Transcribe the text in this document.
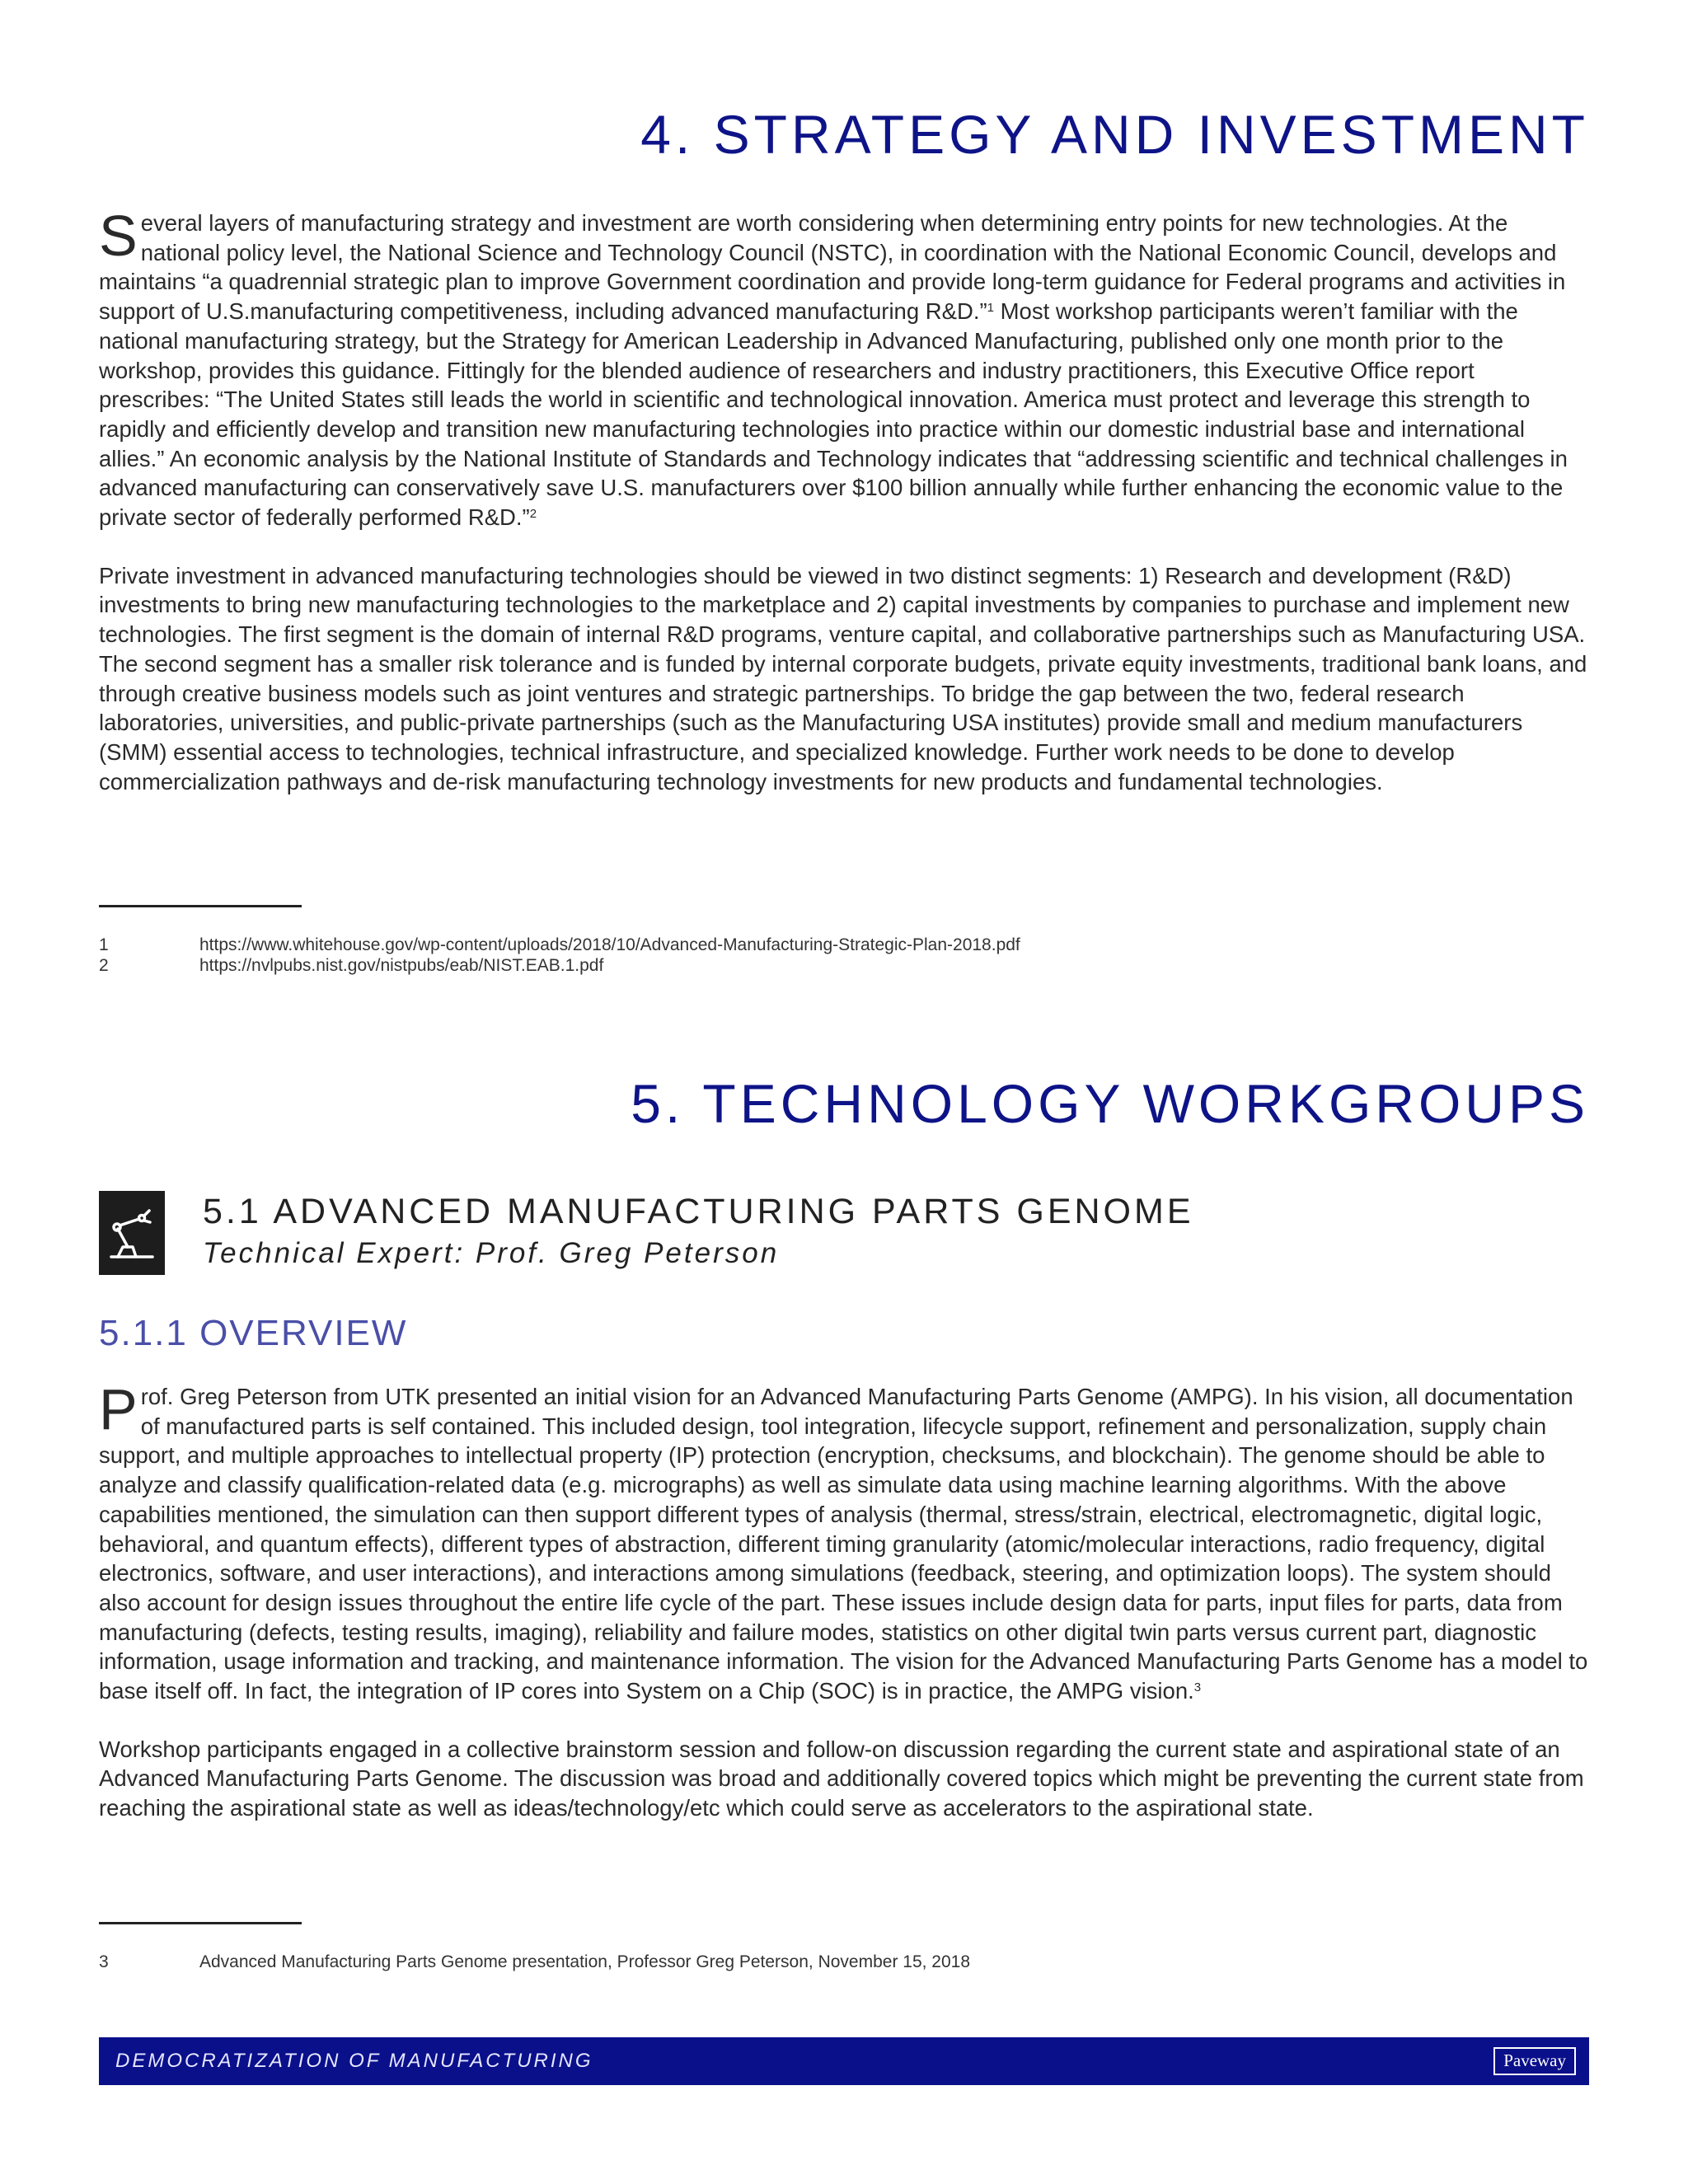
4. STRATEGY AND INVESTMENT

Several layers of manufacturing strategy and investment are worth considering when determining entry points for new technologies. At the national policy level, the National Science and Technology Council (NSTC), in coordination with the National Economic Council, develops and maintains “a quadrennial strategic plan to improve Government coordination and provide long-term guidance for Federal programs and activities in support of U.S.manufacturing competitiveness, including advanced manufacturing R&D.”$^1$ Most workshop participants weren’t familiar with the national manufacturing strategy, but the Strategy for American Leadership in Advanced Manufacturing, published only one month prior to the workshop, provides this guidance. Fittingly for the blended audience of researchers and industry practitioners, this Executive Office report prescribes: “The United States still leads the world in scientific and technological innovation. America must protect and leverage this strength to rapidly and efficiently develop and transition new manufacturing technologies into practice within our domestic industrial base and international allies.” An economic analysis by the National Institute of Standards and Technology indicates that “addressing scientific and technical challenges in advanced manufacturing can conservatively save U.S. manufacturers over $100 billion annually while further enhancing the economic value to the private sector of federally performed R&D.”$^2$

Private investment in advanced manufacturing technologies should be viewed in two distinct segments: 1) Research and development (R&D) investments to bring new manufacturing technologies to the marketplace and 2) capital investments by companies to purchase and implement new technologies. The first segment is the domain of internal R&D programs, venture capital, and collaborative partnerships such as Manufacturing USA. The second segment has a smaller risk tolerance and is funded by internal corporate budgets, private equity investments, traditional bank loans, and through creative business models such as joint ventures and strategic partnerships. To bridge the gap between the two, federal research laboratories, universities, and public-private partnerships (such as the Manufacturing USA institutes) provide small and medium manufacturers (SMM) essential access to technologies, technical infrastructure, and specialized knowledge. Further work needs to be done to develop commercialization pathways and de-risk manufacturing technology investments for new products and fundamental technologies.

1	https://www.whitehouse.gov/wp-content/uploads/2018/10/Advanced-Manufacturing-Strategic-Plan-2018.pdf
2	https://nvlpubs.nist.gov/nistpubs/eab/NIST.EAB.1.pdf
5. TECHNOLOGY WORKGROUPS
5.1 ADVANCED MANUFACTURING PARTS GENOME
Technical Expert: Prof. Greg Peterson
5.1.1 OVERVIEW

Prof. Greg Peterson from UTK presented an initial vision for an Advanced Manufacturing Parts Genome (AMPG). In his vision, all documentation of manufactured parts is self contained. This included design, tool integration, lifecycle support, refinement and personalization, supply chain support, and multiple approaches to intellectual property (IP) protection (encryption, checksums, and blockchain). The genome should be able to analyze and classify qualification-related data (e.g. micrographs) as well as simulate data using machine learning algorithms. With the above capabilities mentioned, the simulation can then support different types of analysis (thermal, stress/strain, electrical, electromagnetic, digital logic, behavioral, and quantum effects), different types of abstraction, different timing granularity (atomic/molecular interactions, radio frequency, digital electronics, software, and user interactions), and interactions among simulations (feedback, steering, and optimization loops). The system should also account for design issues throughout the entire life cycle of the part. These issues include design data for parts, input files for parts, data from manufacturing (defects, testing results, imaging), reliability and failure modes, statistics on other digital twin parts versus current part, diagnostic information, usage information and tracking, and maintenance information. The vision for the Advanced Manufacturing Parts Genome has a model to base itself off. In fact, the integration of IP cores into System on a Chip (SOC) is in practice, the AMPG vision.$^3$

Workshop participants engaged in a collective brainstorm session and follow-on discussion regarding the current state and aspirational state of an Advanced Manufacturing Parts Genome. The discussion was broad and additionally covered topics which might be preventing the current state from reaching the aspirational state as well as ideas/technology/etc which could serve as accelerators to the aspirational state.

3	Advanced Manufacturing Parts Genome presentation, Professor Greg Peterson, November 15, 2018
DEMOCRATIZATION OF MANUFACTURING	Paveway
